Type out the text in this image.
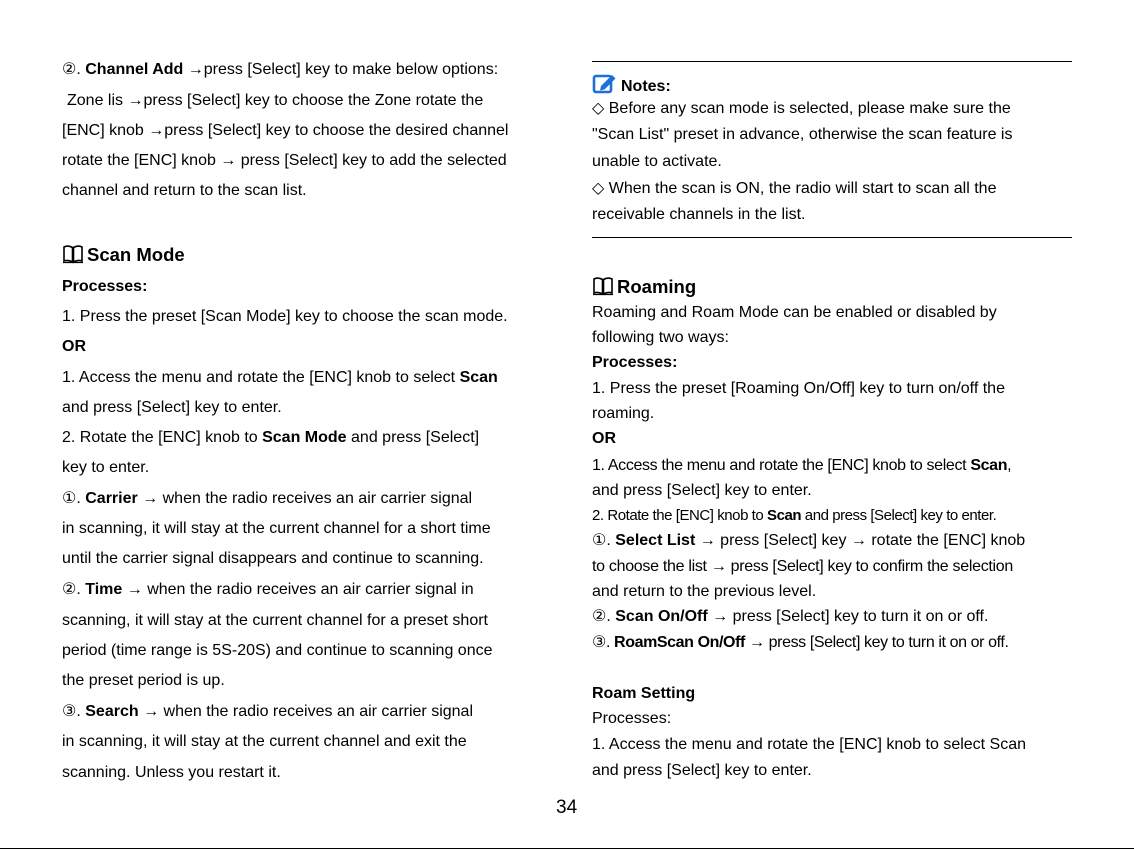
②. Channel Add →press [Select] key to make below options:
Zone lis →press [Select] key to choose the Zone rotate the
[ENC] knob →press [Select] key to choose the desired channel
rotate the [ENC] knob → press [Select] key to add the selected
channel and return to the scan list.
Scan Mode
Processes:
1. Press the preset [Scan Mode] key to choose the scan mode.
OR
1. Access the menu and rotate the [ENC] knob to select Scan
and press [Select] key to enter.
2. Rotate the [ENC] knob to Scan Mode and press [Select]
key to enter.
①. Carrier → when the radio receives an air carrier signal
in scanning, it will stay at the current channel for a short time
until the carrier signal disappears and continue to scanning.
②. Time → when the radio receives an air carrier signal in
scanning, it will stay at the current channel for a preset short
period (time range is 5S-20S) and continue to scanning once
the preset period is up.
③. Search → when the radio receives an air carrier signal
in scanning, it will stay at the current channel and exit the
scanning. Unless you restart it.
Notes:
◇ Before any scan mode is selected, please make sure the
"Scan List" preset in advance, otherwise the scan feature is
unable to activate.
◇ When the scan is ON, the radio will start to scan all the
receivable channels in the list.
Roaming
Roaming and Roam Mode can be enabled or disabled by
following two ways:
Processes:
1. Press the preset [Roaming On/Off] key to turn on/off the
roaming.
OR
1. Access the menu and rotate the [ENC] knob to select Scan,
and press [Select] key to enter.
2. Rotate the [ENC] knob to Scan and press [Select] key to enter.
①. Select List → press [Select] key → rotate the [ENC] knob
to choose the list → press [Select] key to confirm the selection
and return to the previous level.
②. Scan On/Off → press [Select] key to turn it on or off.
③. RoamScan On/Off → press [Select] key to turn it on or off.
Roam Setting
Processes:
1. Access the menu and rotate the [ENC] knob to select Scan
and press [Select] key to enter.
34
